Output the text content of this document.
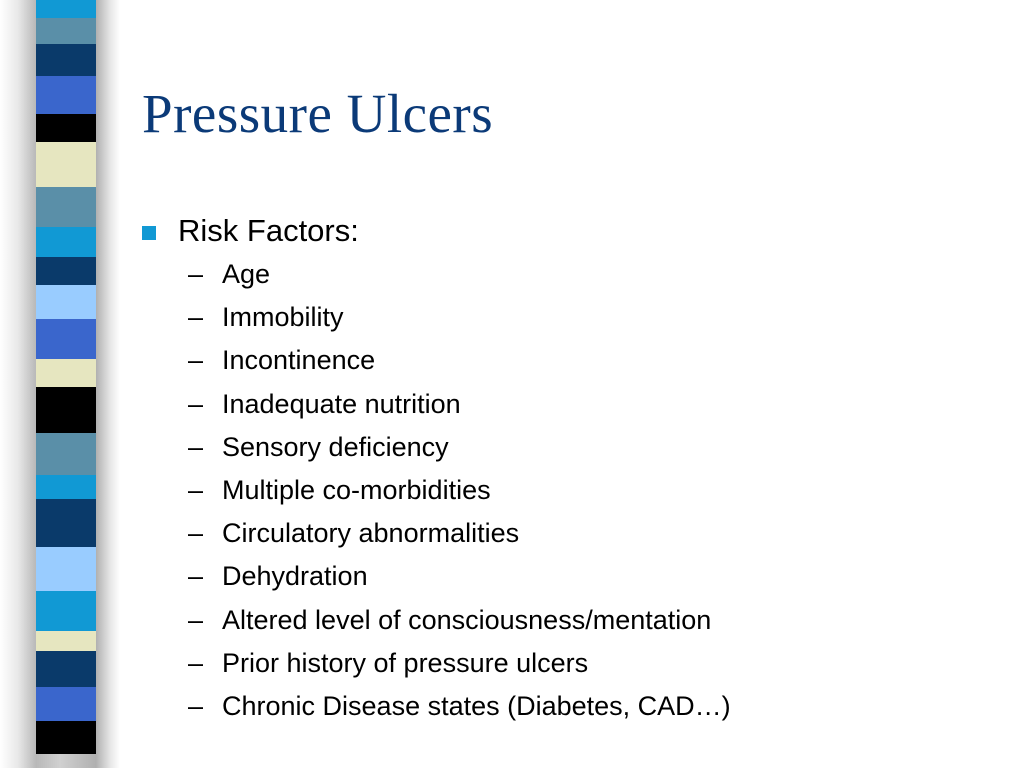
Pressure Ulcers
Risk Factors:
– Age
– Immobility
– Incontinence
– Inadequate nutrition
– Sensory deficiency
– Multiple co-morbidities
– Circulatory abnormalities
– Dehydration
– Altered level of consciousness/mentation
– Prior history of pressure ulcers
– Chronic Disease states (Diabetes, CAD…)
